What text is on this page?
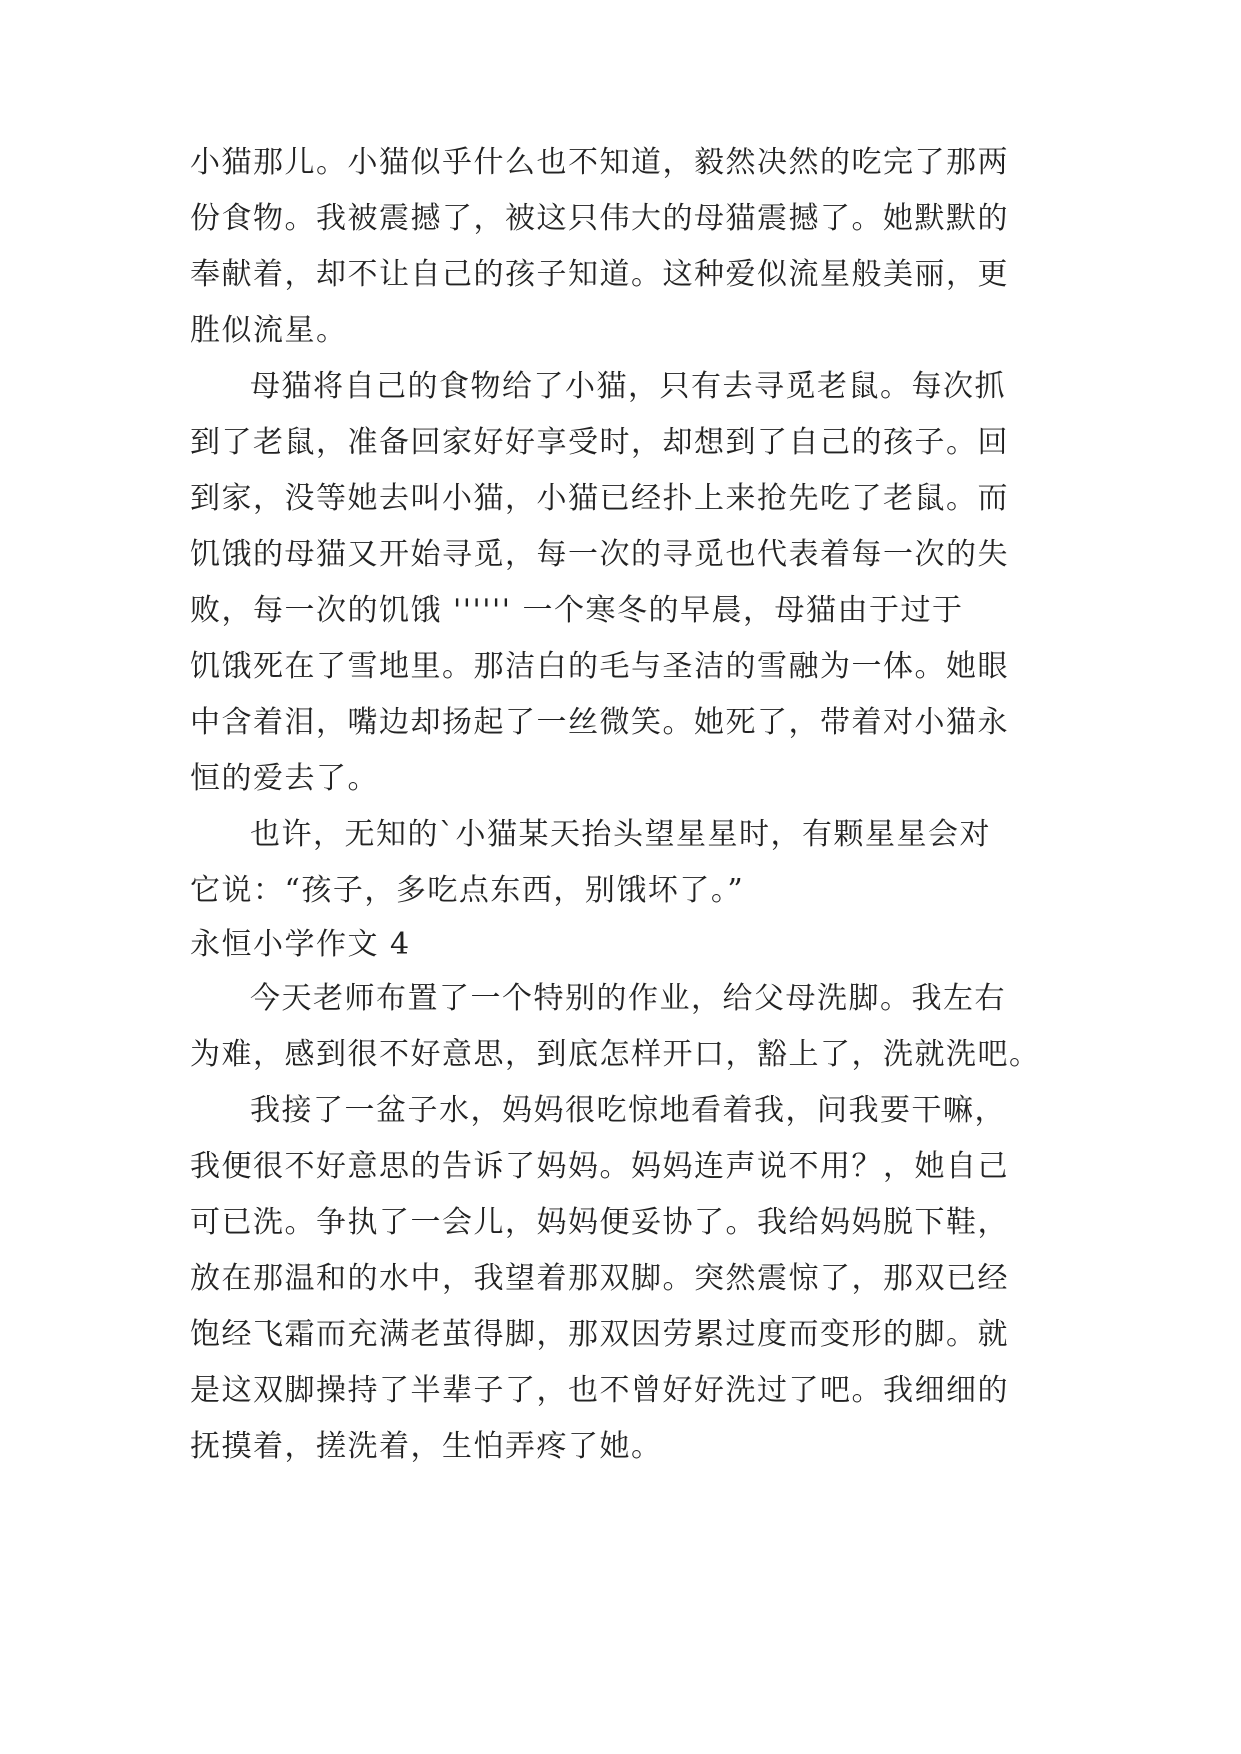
小猫那儿。小猫似乎什么也不知道，毅然决然的吃完了那两
份食物。我被震撼了，被这只伟大的母猫震撼了。她默默的
奉献着，却不让自己的孩子知道。这种爱似流星般美丽，更
胜似流星。
母猫将自己的食物给了小猫，只有去寻觅老鼠。每次抓
到了老鼠，准备回家好好享受时，却想到了自己的孩子。回
到家，没等她去叫小猫，小猫已经扑上来抢先吃了老鼠。而
饥饿的母猫又开始寻觅，每一次的寻觅也代表着每一次的失
败，每一次的饥饿 '''''' 一个寒冬的早晨，母猫由于过于
饥饿死在了雪地里。那洁白的毛与圣洁的雪融为一体。她眼
中含着泪，嘴边却扬起了一丝微笑。她死了，带着对小猫永
恒的爱去了。
也许，无知的`小猫某天抬头望星星时，有颗星星会对
它说：“孩子，多吃点东西，别饿坏了。”
永恒小学作文 4
今天老师布置了一个特别的作业，给父母洗脚。我左右
为难，感到很不好意思，到底怎样开口，豁上了，洗就洗吧。
我接了一盆子水，妈妈很吃惊地看着我，问我要干嘛，
我便很不好意思的告诉了妈妈。妈妈连声说不用？，她自己
可已洗。争执了一会儿，妈妈便妥协了。我给妈妈脱下鞋，
放在那温和的水中，我望着那双脚。突然震惊了，那双已经
饱经飞霜而充满老茧得脚，那双因劳累过度而变形的脚。就
是这双脚操持了半辈子了，也不曾好好洗过了吧。我细细的
抚摸着，搓洗着，生怕弄疼了她。
